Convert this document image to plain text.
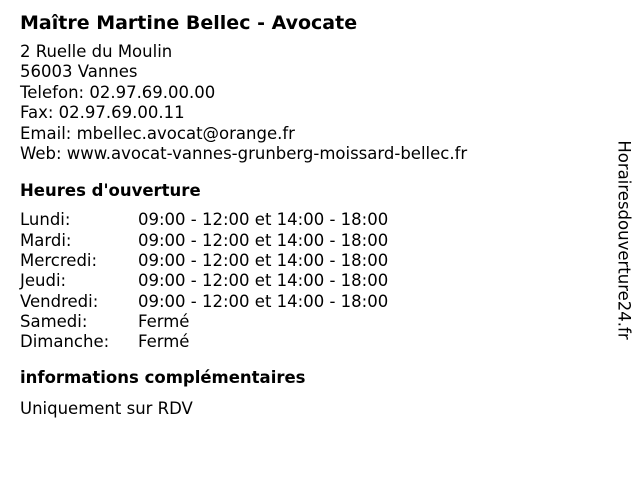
Maître Martine Bellec - Avocate
2 Ruelle du Moulin
56003 Vannes
Telefon: 02.97.69.00.00
Fax: 02.97.69.00.11
Email: mbellec.avocat@orange.fr
Web: www.avocat-vannes-grunberg-moissard-bellec.fr
Heures d'ouverture
Lundi:	09:00 - 12:00 et 14:00 - 18:00
Mardi:	09:00 - 12:00 et 14:00 - 18:00
Mercredi:	09:00 - 12:00 et 14:00 - 18:00
Jeudi:	09:00 - 12:00 et 14:00 - 18:00
Vendredi:	09:00 - 12:00 et 14:00 - 18:00
Samedi:	Fermé
Dimanche:	Fermé
informations complémentaires
Uniquement sur RDV
Horairesdouverture24.fr
